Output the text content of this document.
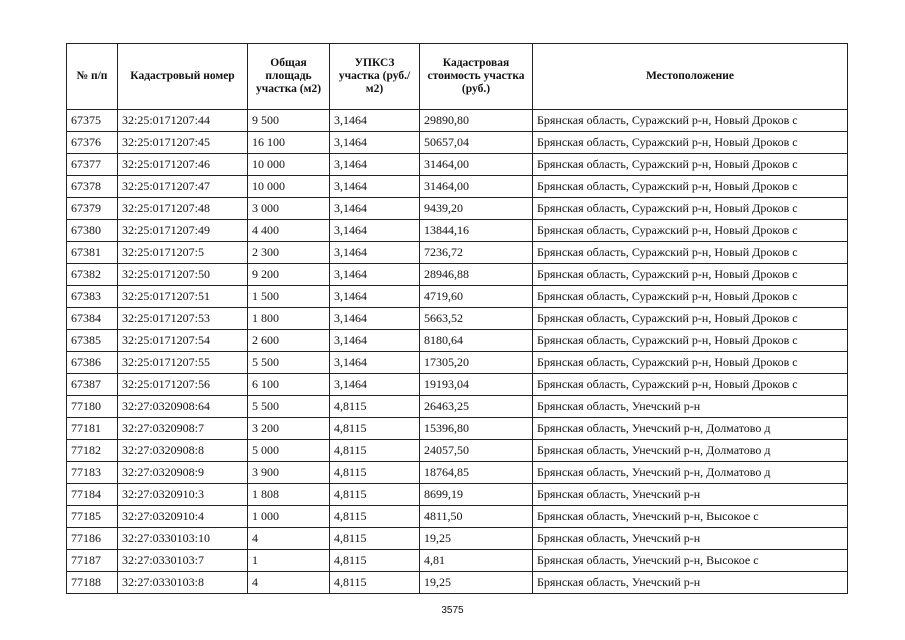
№ п/п	Кадастровый номер	Общая площадь участка (м2)	УПКСЗ участка (руб./м2)	Кадастровая стоимость участка (руб.)	Местоположение
67375	32:25:0171207:44	9 500	3,1464	29890,80	Брянская область, Суражский р-н, Новый Дроков с
67376	32:25:0171207:45	16 100	3,1464	50657,04	Брянская область, Суражский р-н, Новый Дроков с
67377	32:25:0171207:46	10 000	3,1464	31464,00	Брянская область, Суражский р-н, Новый Дроков с
67378	32:25:0171207:47	10 000	3,1464	31464,00	Брянская область, Суражский р-н, Новый Дроков с
67379	32:25:0171207:48	3 000	3,1464	9439,20	Брянская область, Суражский р-н, Новый Дроков с
67380	32:25:0171207:49	4 400	3,1464	13844,16	Брянская область, Суражский р-н, Новый Дроков с
67381	32:25:0171207:5	2 300	3,1464	7236,72	Брянская область, Суражский р-н, Новый Дроков с
67382	32:25:0171207:50	9 200	3,1464	28946,88	Брянская область, Суражский р-н, Новый Дроков с
67383	32:25:0171207:51	1 500	3,1464	4719,60	Брянская область, Суражский р-н, Новый Дроков с
67384	32:25:0171207:53	1 800	3,1464	5663,52	Брянская область, Суражский р-н, Новый Дроков с
67385	32:25:0171207:54	2 600	3,1464	8180,64	Брянская область, Суражский р-н, Новый Дроков с
67386	32:25:0171207:55	5 500	3,1464	17305,20	Брянская область, Суражский р-н, Новый Дроков с
67387	32:25:0171207:56	6 100	3,1464	19193,04	Брянская область, Суражский р-н, Новый Дроков с
77180	32:27:0320908:64	5 500	4,8115	26463,25	Брянская область, Унечский р-н
77181	32:27:0320908:7	3 200	4,8115	15396,80	Брянская область, Унечский р-н, Долматово д
77182	32:27:0320908:8	5 000	4,8115	24057,50	Брянская область, Унечский р-н, Долматово д
77183	32:27:0320908:9	3 900	4,8115	18764,85	Брянская область, Унечский р-н, Долматово д
77184	32:27:0320910:3	1 808	4,8115	8699,19	Брянская область, Унечский р-н
77185	32:27:0320910:4	1 000	4,8115	4811,50	Брянская область, Унечский р-н, Высокое с
77186	32:27:0330103:10	4	4,8115	19,25	Брянская область, Унечский р-н
77187	32:27:0330103:7	1	4,8115	4,81	Брянская область, Унечский р-н, Высокое с
77188	32:27:0330103:8	4	4,8115	19,25	Брянская область, Унечский р-н
3575
